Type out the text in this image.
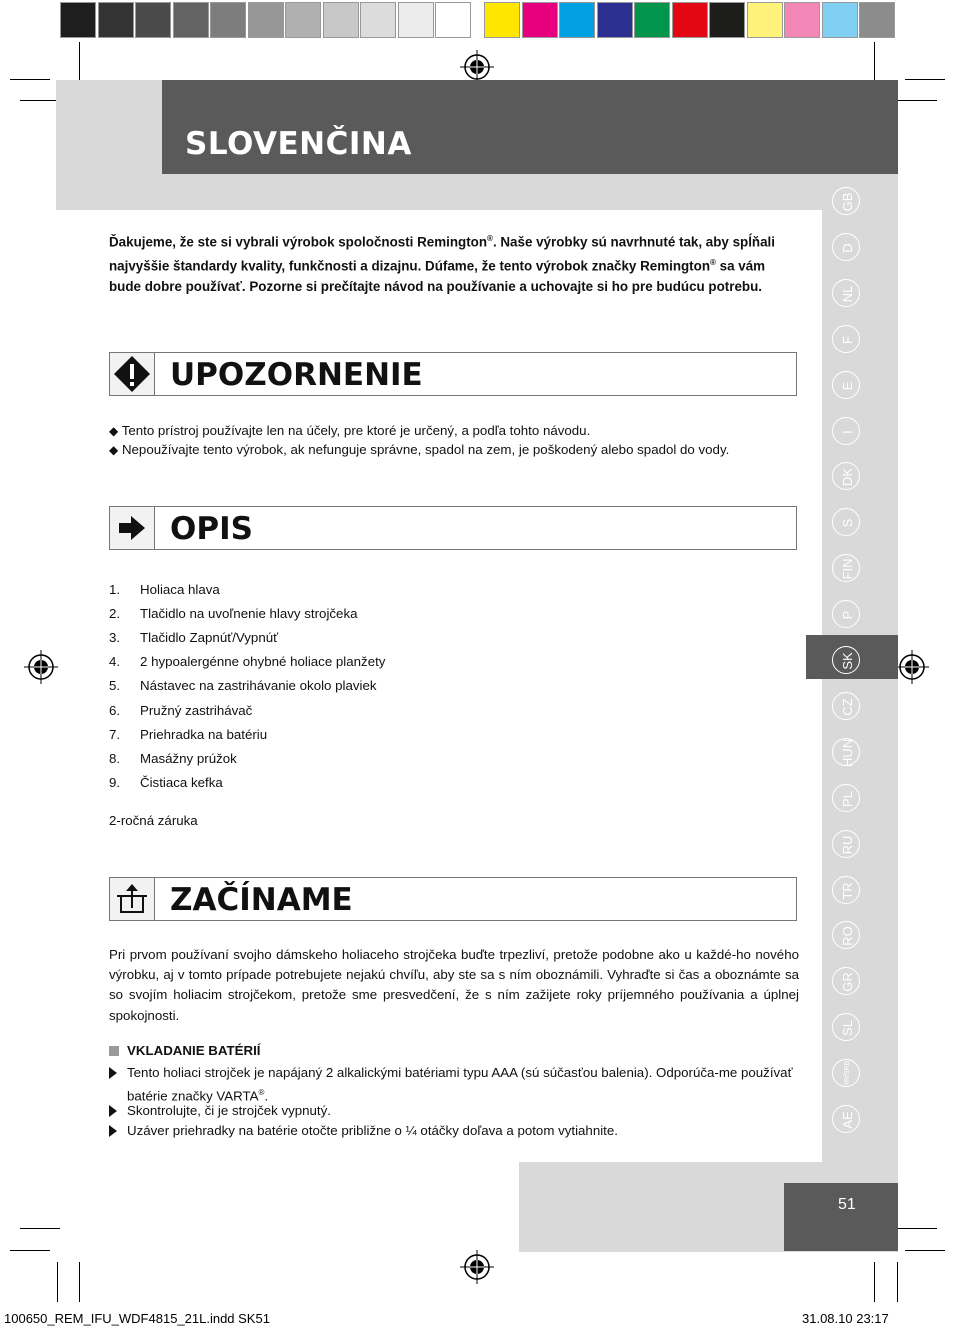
SLOVENČINA
51
GB
D
NL
F
E
I
DK
S
FIN
P
SK
CZ
HUN
PL
RU
TR
RO
GR
SL
HR/SRB
AE
Ďakujeme, že ste si vybrali výrobok spoločnosti Remington®. Naše výrobky sú navrhnuté tak, aby spĺňali najvyššie štandardy kvality, funkčnosti a dizajnu. Dúfame, že tento výrobok značky Remington® sa vám bude dobre používať. Pozorne si prečítajte návod na používanie a uchovajte si ho pre budúcu potrebu.
UPOZORNENIE
◆ Tento prístroj používajte len na účely, pre ktoré je určený, a podľa tohto návodu.
◆ Nepoužívajte tento výrobok, ak nefunguje správne, spadol na zem, je poškodený alebo spadol do vody.
OPIS
1.	Holiaca hlava
2.	Tlačidlo na uvoľnenie hlavy strojčeka
3.	Tlačidlo Zapnúť/Vypnúť
4.	2 hypoalergénne ohybné holiace planžety
5.	Nástavec na zastrihávanie okolo plaviek
6.	Pružný zastrihávač
7.	Priehradka na batériu
8.	Masážny prúžok
9.	Čistiaca kefka
2-ročná záruka
ZAČÍNAME
Pri prvom používaní svojho dámskeho holiaceho strojčeka buďte trpezliví, pretože podobne ako u každé-ho nového výrobku, aj v tomto prípade potrebujete nejakú chvíľu, aby ste sa s ním oboznámili. Vyhraďte si čas a oboznámte sa so svojím holiacim strojčekom, pretože sme presvedčení, že s ním zažijete roky príjemného používania a úplnej spokojnosti.
VKLADANIE BATÉRIÍ
Tento holiaci strojček je napájaný 2 alkalickými batériami typu AAA (sú súčasťou balenia). Odporúča-me používať batérie značky VARTA®.
Skontrolujte, či je strojček vypnutý.
Uzáver priehradky na batérie otočte približne o ¼ otáčky doľava a potom vytiahnite.
100650_REM_IFU_WDF4815_21L.indd SK51	31.08.10 23:17
